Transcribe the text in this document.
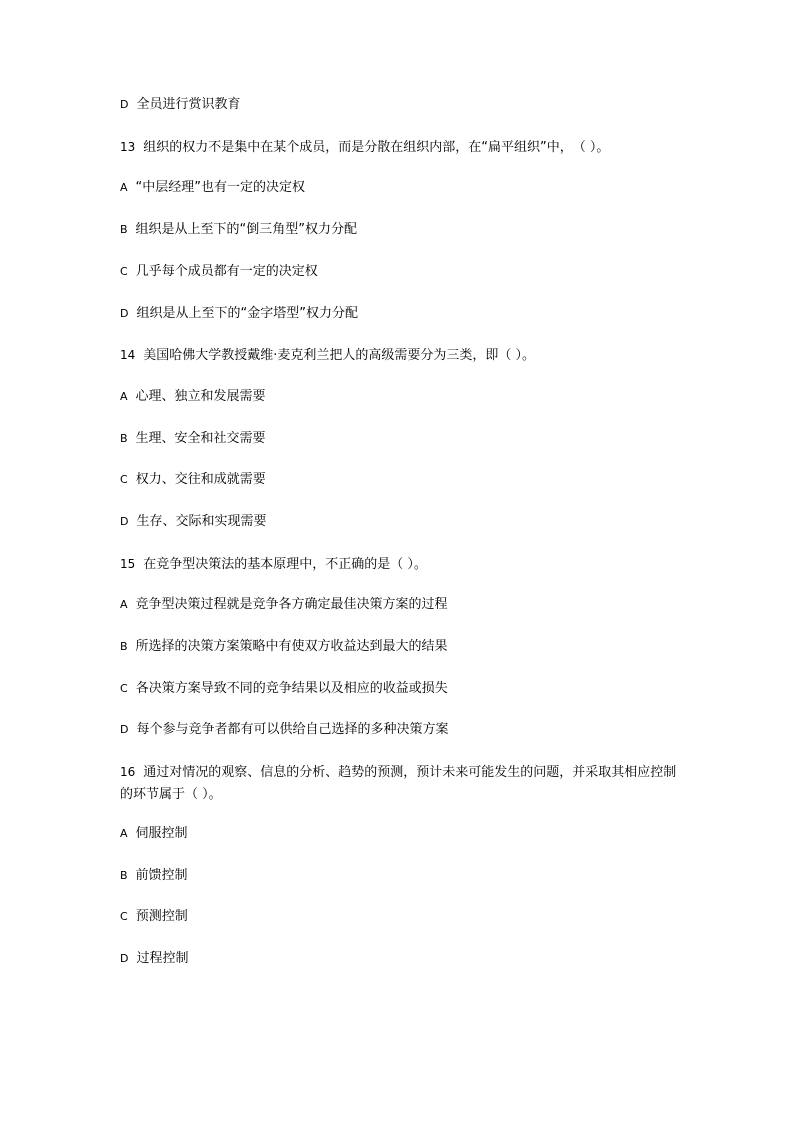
D 全员进行赏识教育
13 组织的权力不是集中在某个成员，而是分散在组织内部，在“扁平组织”中，　（ ）。
A “中层经理”也有一定的决定权
B 组织是从上至下的“倒三角型”权力分配
C 几乎每个成员都有一定的决定权
D 组织是从上至下的“金字塔型”权力分配
14 美国哈佛大学教授戴维·麦克利兰把人的高级需要分为三类，即（ ）。
A 心理、独立和发展需要
B 生理、安全和社交需要
C 权力、交往和成就需要
D 生存、交际和实现需要
15 在竞争型决策法的基本原理中，不正确的是（ ）。
A 竞争型决策过程就是竞争各方确定最佳决策方案的过程
B 所选择的决策方案策略中有使双方收益达到最大的结果
C 各决策方案导致不同的竞争结果以及相应的收益或损失
D 每个参与竞争者都有可以供给自己选择的多种决策方案
16 通过对情况的观察、信息的分析、趋势的预测，预计未来可能发生的问题，并采取其相应控制的环节属于（ ）。
A 伺服控制
B 前馈控制
C 预测控制
D 过程控制
